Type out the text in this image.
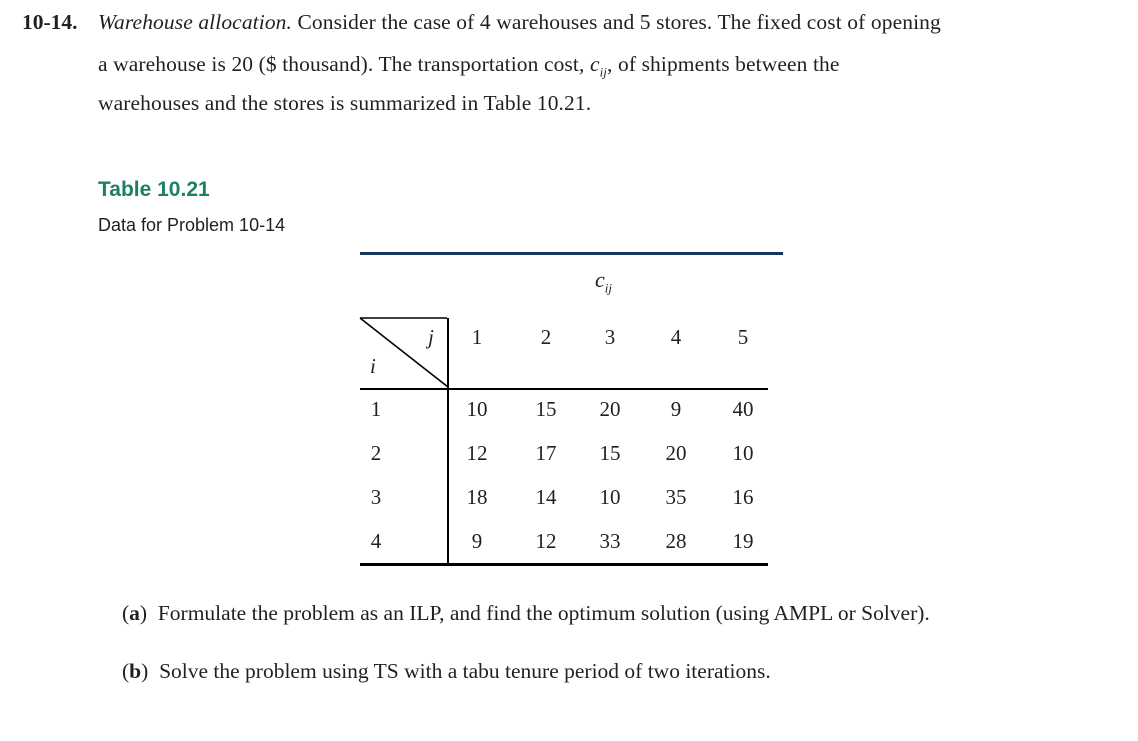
10-14. Warehouse allocation. Consider the case of 4 warehouses and 5 stores. The fixed cost of opening
a warehouse is 20 ($ thousand). The transportation cost, $c_{ij}$, of shipments between the
warehouses and the stores is summarized in Table 10.21.
Table 10.21
Data for Problem 10-14
$c_{ij}$
j
i
1	2	3	4	5
1	10	15	20	9	40
2	12	17	15	20	10
3	18	14	10	35	16
4	9	12	33	28	19
(a)  Formulate the problem as an ILP, and find the optimum solution (using AMPL or Solver).
(b)  Solve the problem using TS with a tabu tenure period of two iterations.
